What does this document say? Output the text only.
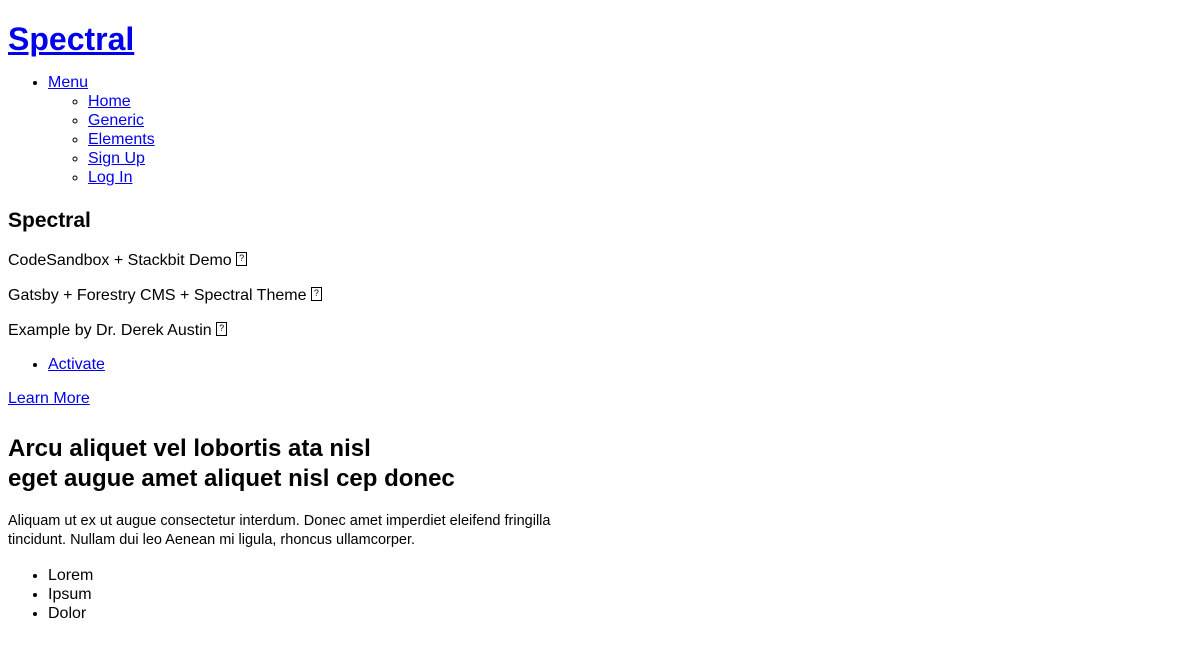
Spectral
• Menu
◦ Home
◦ Generic
◦ Elements
◦ Sign Up
◦ Log In
Spectral

CodeSandbox + Stackbit Demo ?

Gatsby + Forestry CMS + Spectral Theme ?

Example by Dr. Derek Austin ?

• Activate

Learn More

Arcu aliquet vel lobortis ata nisl
eget augue amet aliquet nisl cep donec

Aliquam ut ex ut augue consectetur interdum. Donec amet imperdiet eleifend fringilla tincidunt. Nullam dui leo Aenean mi ligula, rhoncus ullamcorper.

• Lorem
• Ipsum
• Dolor
